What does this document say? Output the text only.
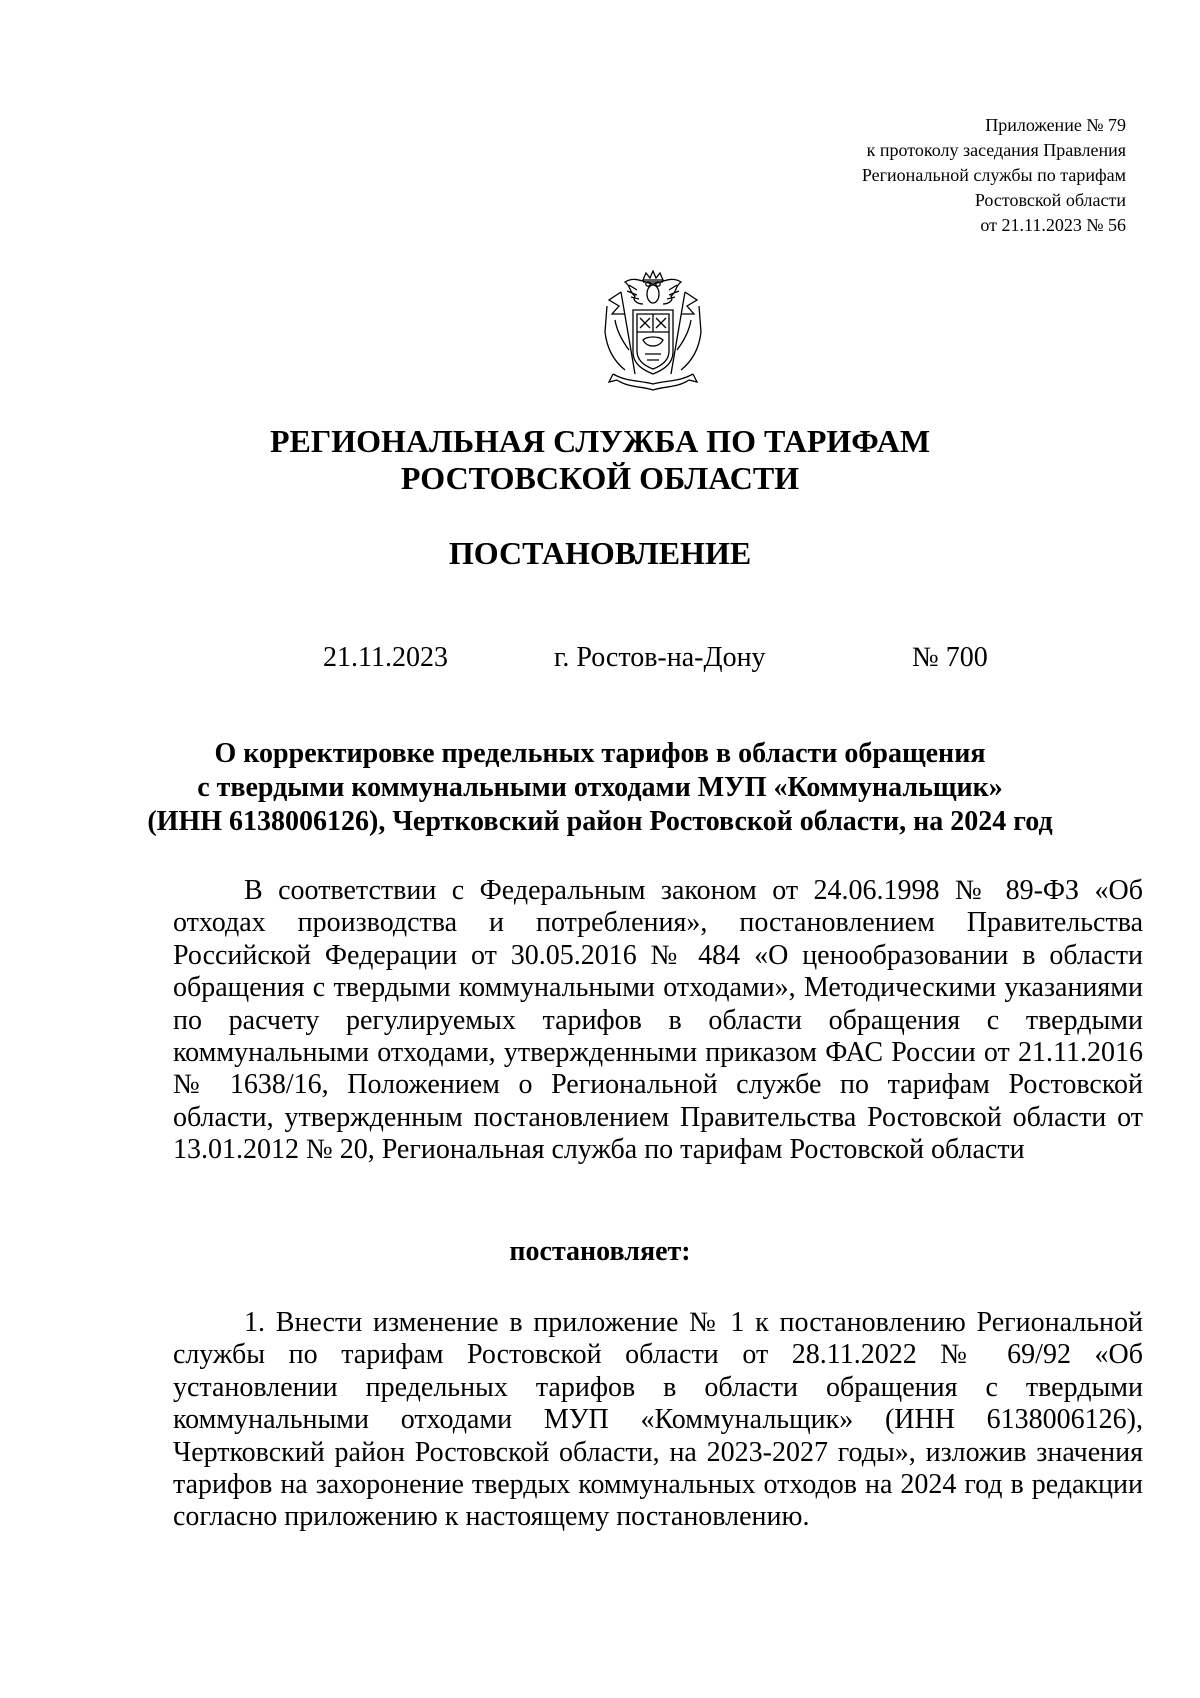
Приложение № 79
к протоколу заседания Правления
Региональной службы по тарифам
Ростовской области
от 21.11.2023 № 56
РЕГИОНАЛЬНАЯ СЛУЖБА ПО ТАРИФАМ
РОСТОВСКОЙ ОБЛАСТИ
ПОСТАНОВЛЕНИЕ
21.11.2023	г. Ростов-на-Дону	№ 700
О корректировке предельных тарифов в области обращения
с твердыми коммунальными отходами МУП «Коммунальщик»
(ИНН 6138006126), Чертковский район Ростовской области, на 2024 год
В соответствии с Федеральным законом от 24.06.1998 № 89-ФЗ «Об отходах производства и потребления», постановлением Правительства Российской Федерации от 30.05.2016 № 484 «О ценообразовании в области обращения с твердыми коммунальными отходами», Методическими указаниями по расчету регулируемых тарифов в области обращения с твердыми коммунальными отходами, утвержденными приказом ФАС России от 21.11.2016 № 1638/16, Положением о Региональной службе по тарифам Ростовской области, утвержденным постановлением Правительства Ростовской области от 13.01.2012 № 20, Региональная служба по тарифам Ростовской области
постановляет:
1. Внести изменение в приложение № 1 к постановлению Региональной службы по тарифам Ростовской области от 28.11.2022 № 69/92 «Об установлении предельных тарифов в области обращения с твердыми коммунальными отходами МУП «Коммунальщик» (ИНН 6138006126), Чертковский район Ростовской области, на 2023-2027 годы», изложив значения тарифов на захоронение твердых коммунальных отходов на 2024 год в редакции согласно приложению к настоящему постановлению.
